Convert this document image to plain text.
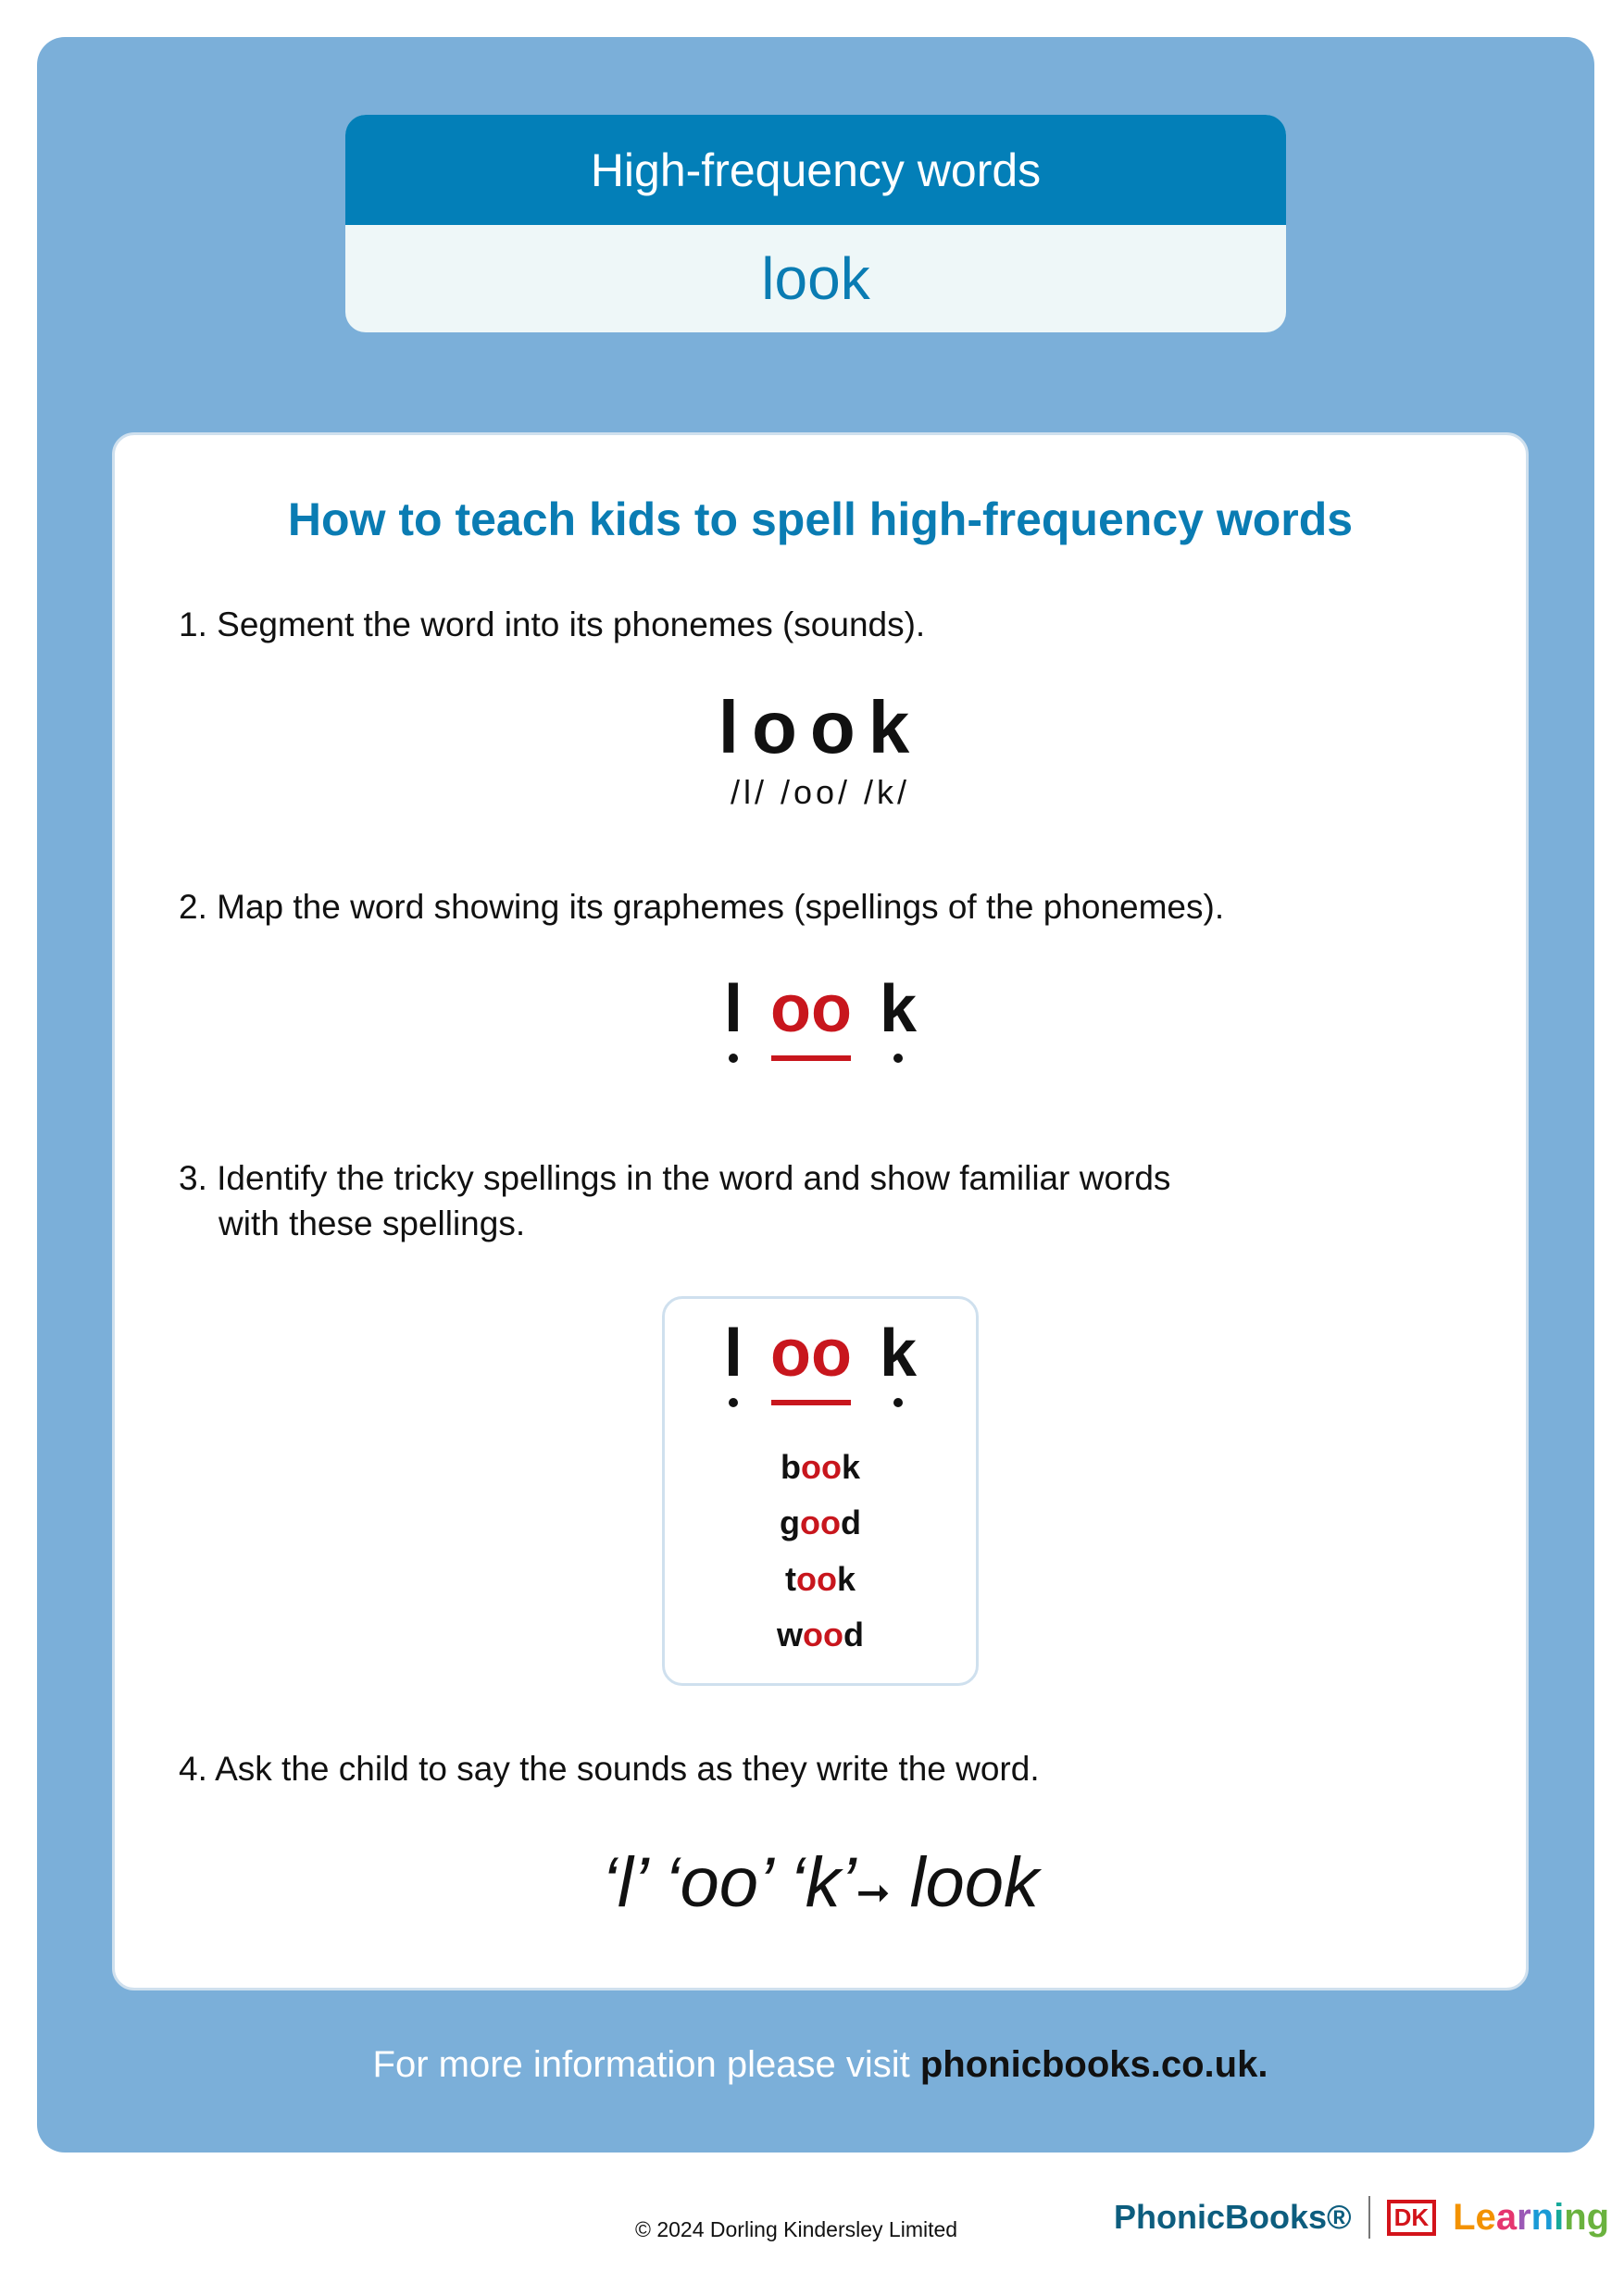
High-frequency words
look
How to teach kids to spell high-frequency words
1. Segment the word into its phonemes (sounds).
look
/l/ /oo/ /k/
2. Map the word showing its graphemes (spellings of the phonemes).
l oo k
3. Identify the tricky spellings in the word and show familiar words
with these spellings.
l oo k
book
good
took
wood
4. Ask the child to say the sounds as they write the word.
‘l’ ‘oo’ ‘k’➞ look
For more information please visit phonicbooks.co.uk.
© 2024 Dorling Kindersley Limited	PhonicBooks®	DK Learning
